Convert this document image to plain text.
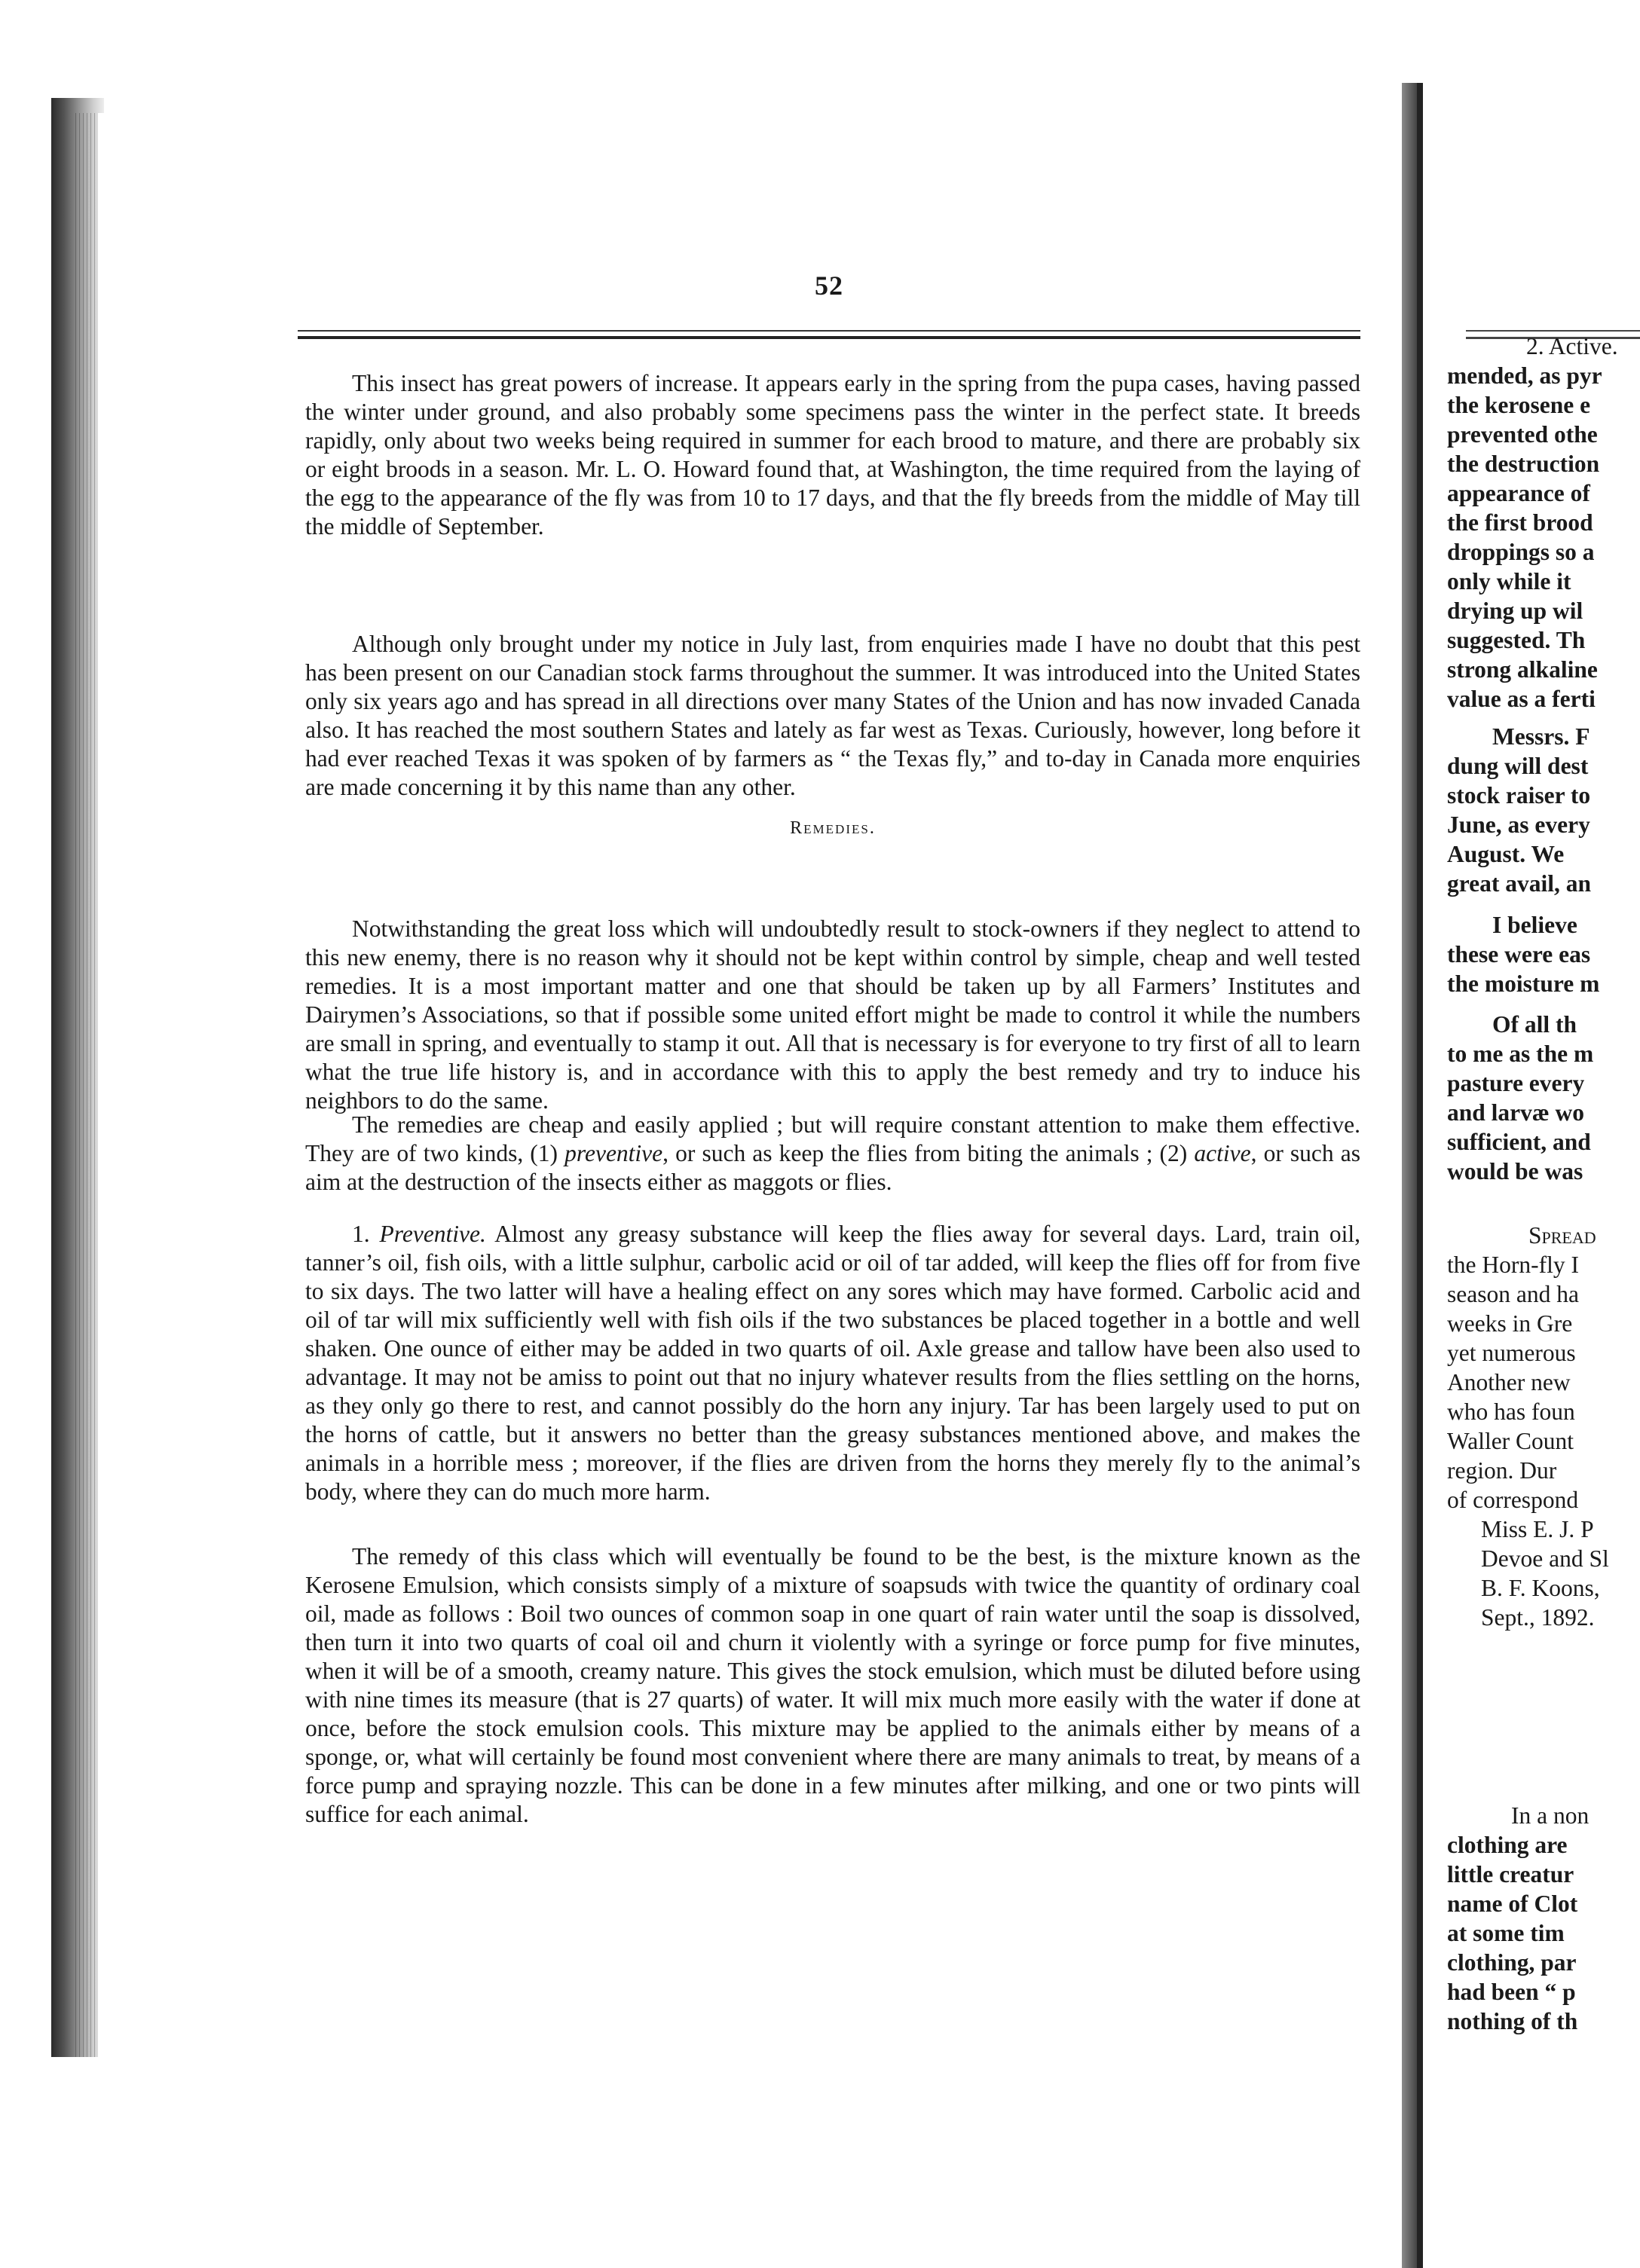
52

This insect has great powers of increase. It appears early in the spring from the pupa cases, having passed the winter under ground, and also probably some specimens pass the winter in the perfect state. It breeds rapidly, only about two weeks being required in summer for each brood to mature, and there are probably six or eight broods in a season. Mr. L. O. Howard found that, at Washington, the time required from the laying of the egg to the appearance of the fly was from 10 to 17 days, and that the fly breeds from the middle of May till the middle of September.

Although only brought under my notice in July last, from enquiries made I have no doubt that this pest has been present on our Canadian stock farms throughout the summer. It was introduced into the United States only six years ago and has spread in all directions over many States of the Union and has now invaded Canada also. It has reached the most southern States and lately as far west as Texas. Curiously, however, long before it had ever reached Texas it was spoken of by farmers as “ the Texas fly,” and to-day in Canada more enquiries are made concerning it by this name than any other.

Remedies.

Notwithstanding the great loss which will undoubtedly result to stock-owners if they neglect to attend to this new enemy, there is no reason why it should not be kept within control by simple, cheap and well tested remedies. It is a most important matter and one that should be taken up by all Farmers’ Institutes and Dairymen’s Associations, so that if possible some united effort might be made to control it while the numbers are small in spring, and eventually to stamp it out. All that is necessary is for everyone to try first of all to learn what the true life history is, and in accordance with this to apply the best remedy and try to induce his neighbors to do the same.

The remedies are cheap and easily applied ; but will require constant attention to make them effective. They are of two kinds, (1) preventive, or such as keep the flies from biting the animals ; (2) active, or such as aim at the destruction of the insects either as maggots or flies.

1. Preventive. Almost any greasy substance will keep the flies away for several days. Lard, train oil, tanner’s oil, fish oils, with a little sulphur, carbolic acid or oil of tar added, will keep the flies off for from five to six days. The two latter will have a healing effect on any sores which may have formed. Carbolic acid and oil of tar will mix sufficiently well with fish oils if the two substances be placed together in a bottle and well shaken. One ounce of either may be added in two quarts of oil. Axle grease and tallow have been also used to advantage. It may not be amiss to point out that no injury whatever results from the flies settling on the horns, as they only go there to rest, and cannot possibly do the horn any injury. Tar has been largely used to put on the horns of cattle, but it answers no better than the greasy substances mentioned above, and makes the animals in a horrible mess ; moreover, if the flies are driven from the horns they merely fly to the animal’s body, where they can do much more harm.

The remedy of this class which will eventually be found to be the best, is the mixture known as the Kerosene Emulsion, which consists simply of a mixture of soapsuds with twice the quantity of ordinary coal oil, made as follows : Boil two ounces of common soap in one quart of rain water until the soap is dissolved, then turn it into two quarts of coal oil and churn it violently with a syringe or force pump for five minutes, when it will be of a smooth, creamy nature. This gives the stock emulsion, which must be diluted before using with nine times its measure (that is 27 quarts) of water. It will mix much more easily with the water if done at once, before the stock emulsion cools. This mixture may be applied to the animals either by means of a sponge, or, what will certainly be found most convenient where there are many animals to treat, by means of a force pump and spraying nozzle. This can be done in a few minutes after milking, and one or two pints will suffice for each animal.

2. Active.
mended, as pyr
the kerosene e
prevented othe
the destruction
appearance of
the first brood
droppings so a
only while it
drying up wil
suggested. Th
strong alkaline
value as a ferti
Messrs. F
dung will dest
stock raiser to
June, as every
August. We
great avail, an
I believe
these were eas
the moisture m
Of all th
to me as the m
pasture every
and larvæ wo
sufficient, and
would be was
Spread
the Horn-fly I
season and ha
weeks in Gre
yet numerous
Another new
who has foun
Waller Count
region. Dur
of correspond
Miss E. J. P
Devoe and Sl
B. F. Koons,
Sept., 1892.
In a non
clothing are
little creatur
name of Clot
at some tim
clothing, par
had been “ p
nothing of th
